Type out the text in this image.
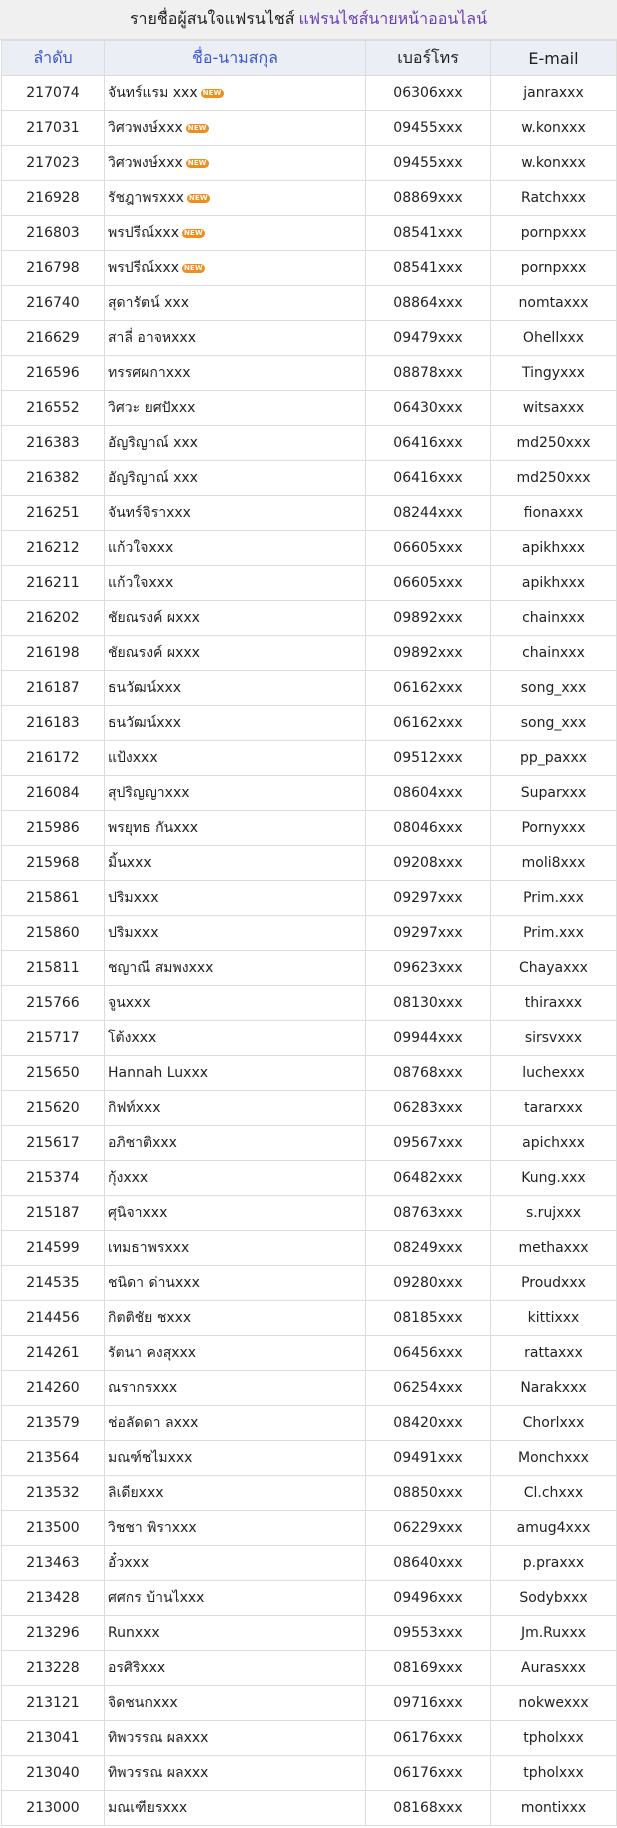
รายชื่อผู้สนใจแฟรนไชส์ แฟรนไชส์นายหน้าออนไลน์
ลำดับ	ชื่อ-นามสกุล	เบอร์โทร	E-mail
217074	จันทร์แรม xxx NEW	06306xxx	janraxxx
217031	วิศวพงษ์xxx NEW	09455xxx	w.konxxx
217023	วิศวพงษ์xxx NEW	09455xxx	w.konxxx
216928	รัชฎาพรxxx NEW	08869xxx	Ratchxxx
216803	พรปรีณ์xxx NEW	08541xxx	pornpxxx
216798	พรปรีณ์xxx NEW	08541xxx	pornpxxx
216740	สุดารัตน์ xxx	08864xxx	nomtaxxx
216629	สาลี่ อาจหxxx	09479xxx	Ohellxxx
216596	ทรรศผกาxxx	08878xxx	Tingyxxx
216552	วิศวะ ยศปัxxx	06430xxx	witsaxxx
216383	อัญริญาณ์ xxx	06416xxx	md250xxx
216382	อัญริญาณ์ xxx	06416xxx	md250xxx
216251	จันทร์จิราxxx	08244xxx	fionaxxx
216212	แก้วใจxxx	06605xxx	apikhxxx
216211	แก้วใจxxx	06605xxx	apikhxxx
216202	ชัยณรงค์ ผxxx	09892xxx	chainxxx
216198	ชัยณรงค์ ผxxx	09892xxx	chainxxx
216187	ธนวัฒน์xxx	06162xxx	song_xxx
216183	ธนวัฒน์xxx	06162xxx	song_xxx
216172	แป้งxxx	09512xxx	pp_paxxx
216084	สุปริญญาxxx	08604xxx	Suparxxx
215986	พรยุทธ กันxxx	08046xxx	Pornyxxx
215968	มิ้นxxx	09208xxx	moli8xxx
215861	ปริมxxx	09297xxx	Prim.xxx
215860	ปริมxxx	09297xxx	Prim.xxx
215811	ชญาณี สมพงxxx	09623xxx	Chayaxxx
215766	จูนxxx	08130xxx	thiraxxx
215717	โต้งxxx	09944xxx	sirsvxxx
215650	Hannah Luxxx	08768xxx	luchexxx
215620	กิฟท์xxx	06283xxx	tararxxx
215617	อภิชาติxxx	09567xxx	apichxxx
215374	กุ้งxxx	06482xxx	Kung.xxx
215187	ศุนิจาxxx	08763xxx	s.rujxxx
214599	เทมธาพรxxx	08249xxx	methaxxx
214535	ชนิดา ด่านxxx	09280xxx	Proudxxx
214456	กิตติชัย ชxxx	08185xxx	kittixxx
214261	รัตนา คงสุxxx	06456xxx	rattaxxx
214260	ณรากรxxx	06254xxx	Narakxxx
213579	ช่อลัดดา ลxxx	08420xxx	Chorlxxx
213564	มณฑ์ชไมxxx	09491xxx	Monchxxx
213532	ลิเดียxxx	08850xxx	Cl.chxxx
213500	วิชชา พิราxxx	06229xxx	amug4xxx
213463	อั๋วxxx	08640xxx	p.praxxx
213428	ศศกร บ้านไxxx	09496xxx	Sodybxxx
213296	Runxxx	09553xxx	Jm.Ruxxx
213228	อรศิริxxx	08169xxx	Aurasxxx
213121	จิดชนกxxx	09716xxx	nokwexxx
213041	ทิพวรรณ ผลxxx	06176xxx	tpholxxx
213040	ทิพวรรณ ผลxxx	06176xxx	tpholxxx
213000	มณเฑียรxxx	08168xxx	montixxx
